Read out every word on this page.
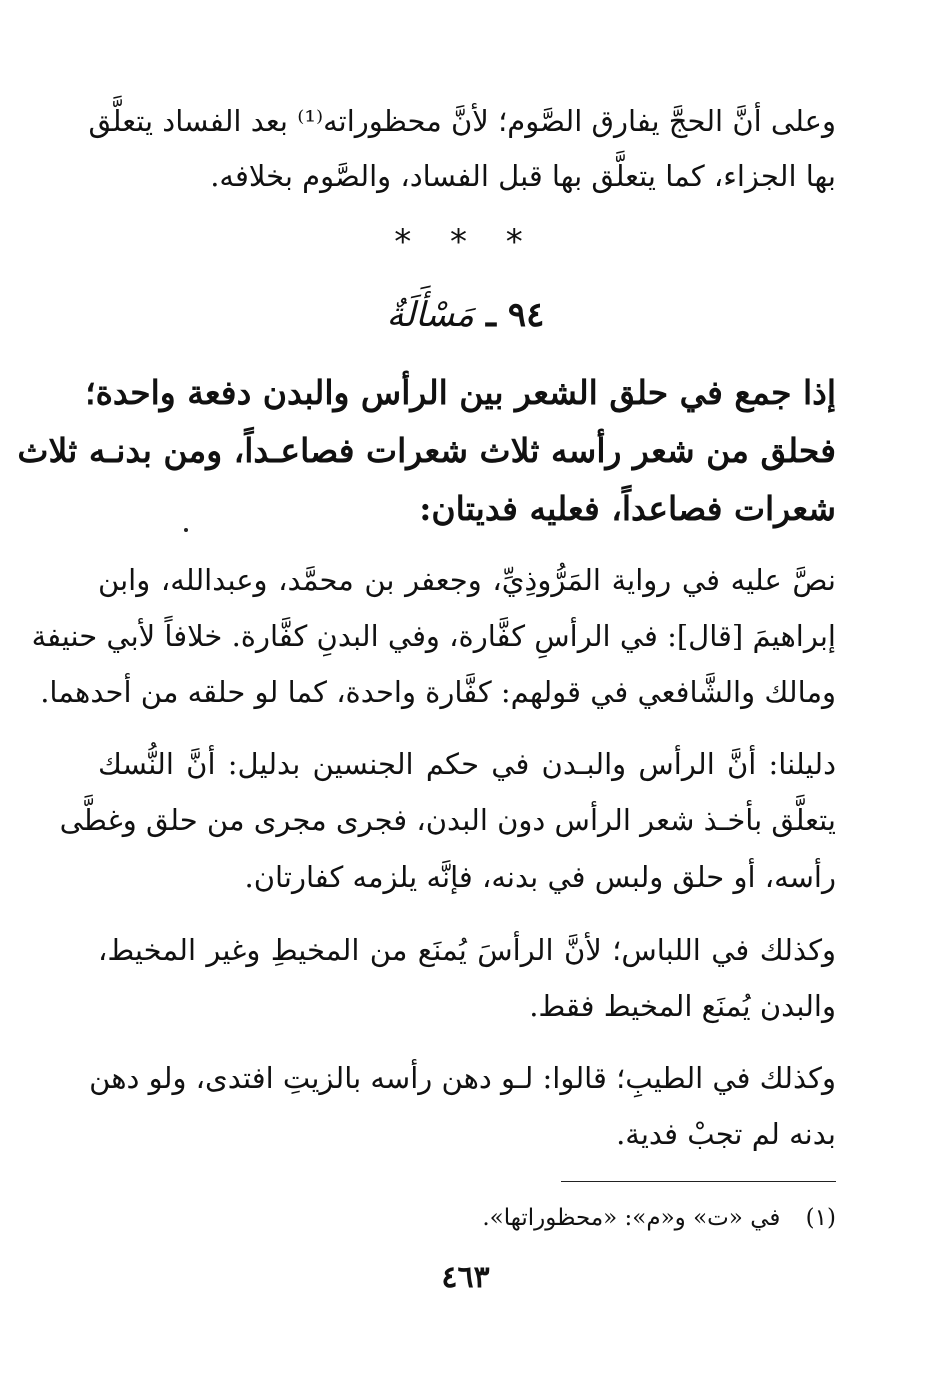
وعلى أنَّ الحجَّ يفارق الصَّوم؛ لأنَّ محظوراته⁽¹⁾ بعد الفساد يتعلَّق
بها الجزاء، كما يتعلَّق بها قبل الفساد، والصَّوم بخلافه.
* * *
٩٤ ـ مَسْأَلَةٌ
إذا جمع في حلق الشعر بين الرأس والبدن دفعة واحدة؛
فحلق من شعر رأسه ثلاث شعرات فصاعـداً، ومن بدنـه ثلاث
شعرات فصاعداً، فعليه فديتان:
نصَّ عليه في رواية المَرُّوذِيِّ، وجعفر بن محمَّد، وعبدالله، وابن
إبراهيمَ [قال]: في الرأسِ كفَّارة، وفي البدنِ كفَّارة. خلافاً لأبي حنيفة
ومالك والشَّافعي في قولهم: كفَّارة واحدة، كما لو حلقه من أحدهما.
دليلنا: أنَّ الرأس والبـدن في حكم الجنسين بدليل: أنَّ النُّسك
يتعلَّق بأخـذ شعر الرأس دون البدن، فجرى مجرى من حلق وغطَّى
رأسه، أو حلق ولبس في بدنه، فإنَّه يلزمه كفارتان.
وكذلك في اللباس؛ لأنَّ الرأسَ يُمنَع من المخيطِ وغير المخيط،
والبدن يُمنَع المخيط فقط.
وكذلك في الطيبِ؛ قالوا: لـو دهن رأسه بالزيتِ افتدى، ولو دهن
بدنه لم تجبْ فدية.
(١) في «ت» و«م»: «محظوراتها».
٤٦٣
